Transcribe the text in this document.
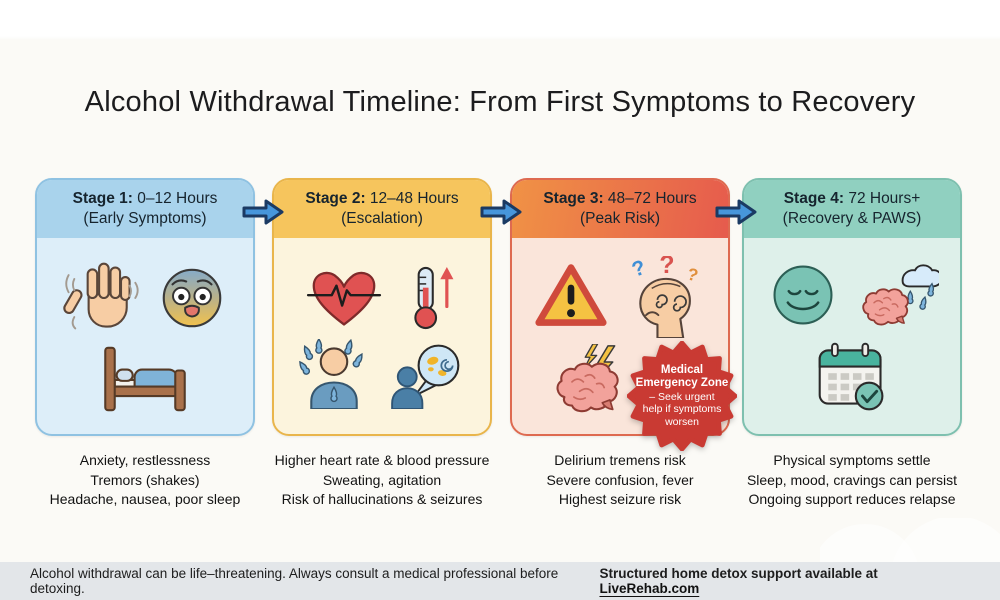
Alcohol Withdrawal Timeline: From First Symptoms to Recovery
Stage 1: 0–12 Hours
(Early Symptoms)
Stage 2: 12–48 Hours
(Escalation)
Stage 3: 48–72 Hours
(Peak Risk)
? ? ?
Stage 4: 72 Hours+
(Recovery & PAWS)

Anxiety, restlessness
Tremors (shakes)
Headache, nausea, poor sleep

Higher heart rate & blood pressure
Sweating, agitation
Risk of hallucinations & seizures

Delirium tremens risk
Severe confusion, fever
Highest seizure risk

Physical symptoms settle
Sleep, mood, cravings can persist
Ongoing support reduces relapse

Medical
Emergency Zone
– Seek urgent
help if symptoms
worsen
Alcohol withdrawal can be life–threatening. Always consult a medical professional before detoxing.
Structured home detox support available at LiveRehab.com
